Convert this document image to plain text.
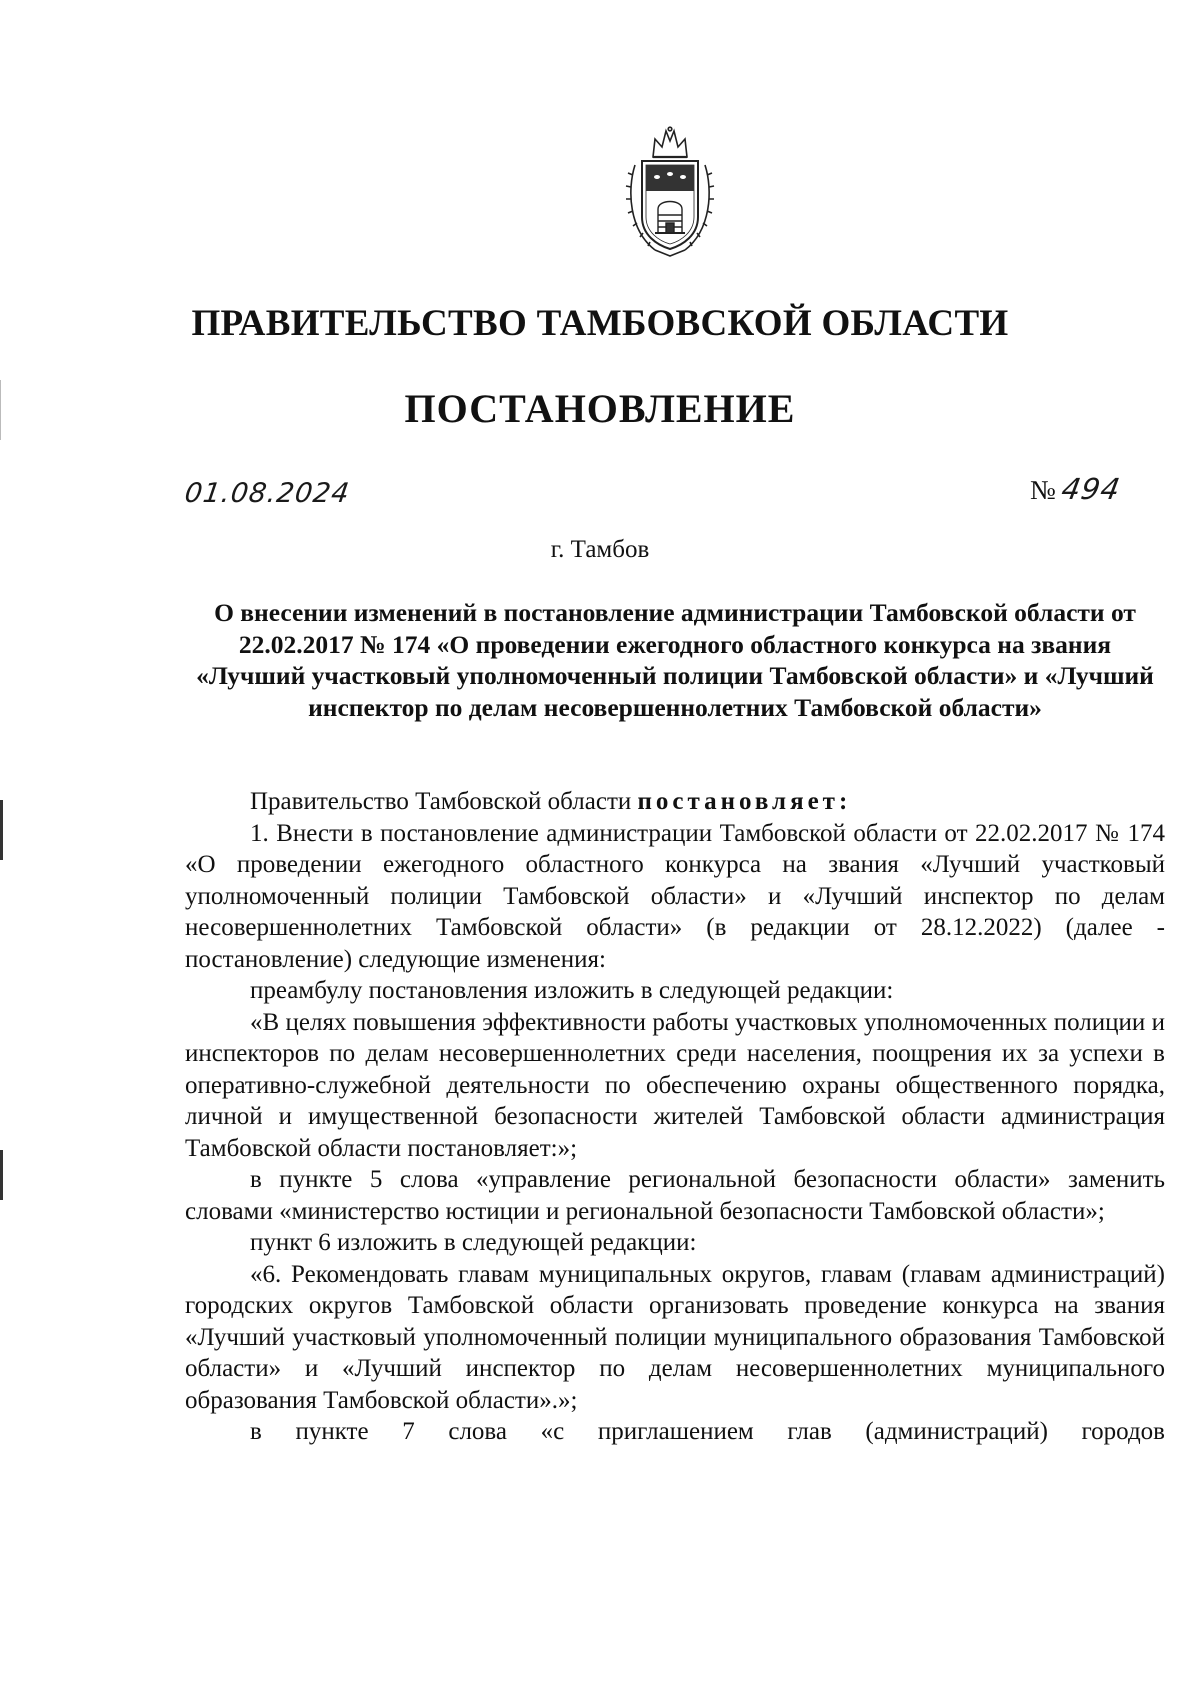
ПРАВИТЕЛЬСТВО ТАМБОВСКОЙ ОБЛАСТИ
ПОСТАНОВЛЕНИЕ
01.08.2024	№ 494
г. Тамбов
О внесении изменений в постановление администрации Тамбовской области от 22.02.2017 № 174 «О проведении ежегодного областного конкурса на звания «Лучший участковый уполномоченный полиции Тамбовской области» и «Лучший инспектор по делам несовершеннолетних Тамбовской области»

Правительство Тамбовской области постановляет:

1. Внести в постановление администрации Тамбовской области от 22.02.2017 № 174 «О проведении ежегодного областного конкурса на звания «Лучший участковый уполномоченный полиции Тамбовской области» и «Лучший инспектор по делам несовершеннолетних Тамбовской области» (в редакции от 28.12.2022) (далее - постановление) следующие изменения:

преамбулу постановления изложить в следующей редакции:

«В целях повышения эффективности работы участковых уполномоченных полиции и инспекторов по делам несовершеннолетних среди населения, поощрения их за успехи в оперативно-служебной деятельности по обеспечению охраны общественного порядка, личной и имущественной безопасности жителей Тамбовской области администрация Тамбовской области постановляет:»;

в пункте 5 слова «управление региональной безопасности области» заменить словами «министерство юстиции и региональной безопасности Тамбовской области»;

пункт 6 изложить в следующей редакции:

«6. Рекомендовать главам муниципальных округов, главам (главам администраций) городских округов Тамбовской области организовать проведение конкурса на звания «Лучший участковый уполномоченный полиции муниципального образования Тамбовской области» и «Лучший инспектор по делам несовершеннолетних муниципального образования Тамбовской области».»;

в пункте 7 слова «с приглашением глав (администраций) городов
